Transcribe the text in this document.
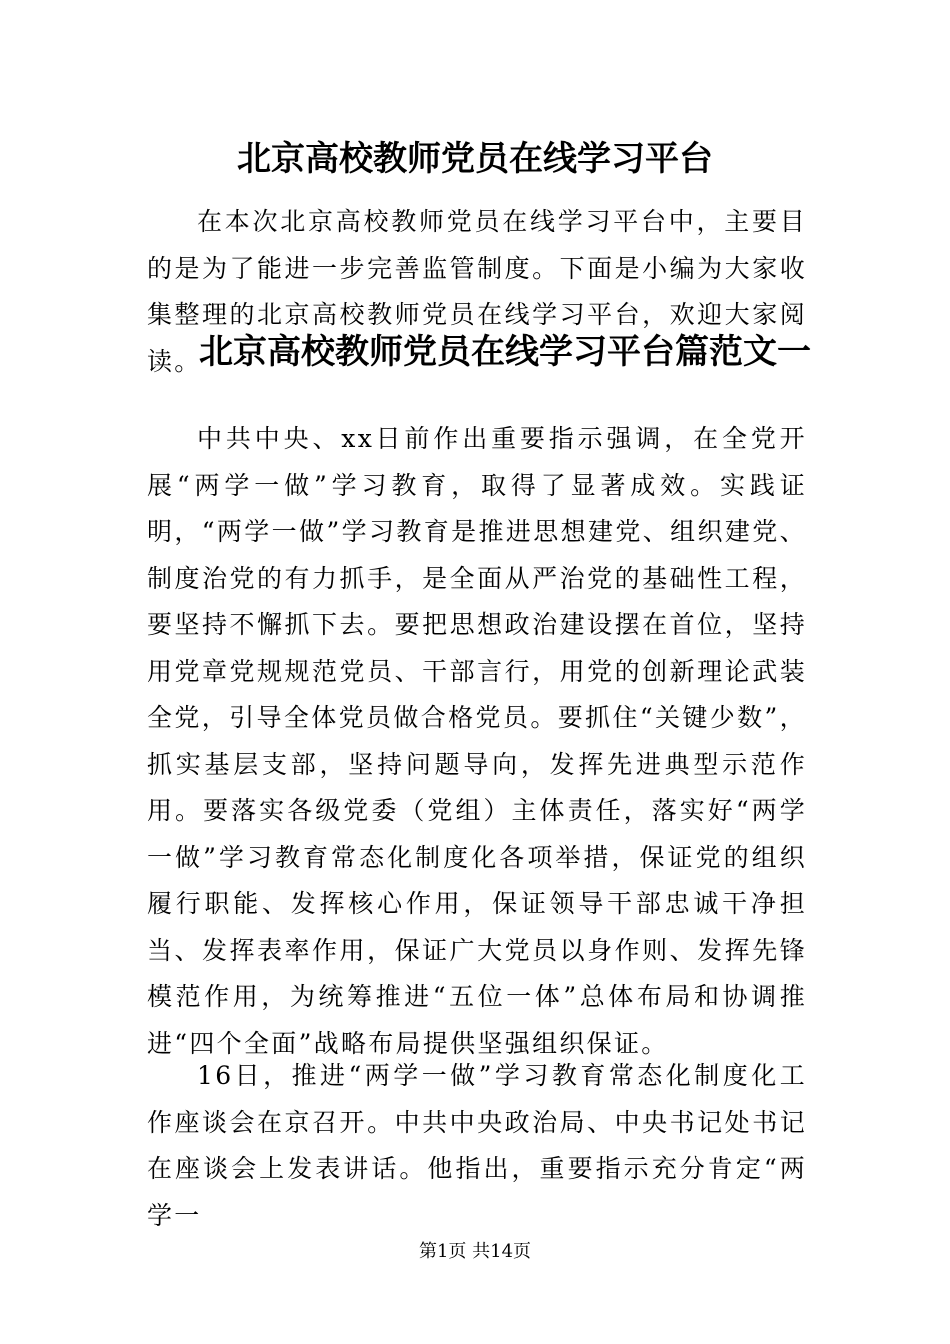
北京高校教师党员在线学习平台

在本次北京高校教师党员在线学习平台中，主要目的是为了能进一步完善监管制度。下面是小编为大家收集整理的北京高校教师党员在线学习平台，欢迎大家阅读。

北京高校教师党员在线学习平台篇范文一

中共中央、xx日前作出重要指示强调，在全党开展“两学一做”学习教育，取得了显著成效。实践证明，“两学一做”学习教育是推进思想建党、组织建党、制度治党的有力抓手，是全面从严治党的基础性工程，要坚持不懈抓下去。要把思想政治建设摆在首位，坚持用党章党规规范党员、干部言行，用党的创新理论武装全党，引导全体党员做合格党员。要抓住“关键少数”，抓实基层支部，坚持问题导向，发挥先进典型示范作用。要落实各级党委（党组）主体责任，落实好“两学一做”学习教育常态化制度化各项举措，保证党的组织履行职能、发挥核心作用，保证领导干部忠诚干净担当、发挥表率作用，保证广大党员以身作则、发挥先锋模范作用，为统筹推进“五位一体”总体布局和协调推进“四个全面”战略布局提供坚强组织保证。

16日，推进“两学一做”学习教育常态化制度化工作座谈会在京召开。中共中央政治局、中央书记处书记在座谈会上发表讲话。他指出，重要指示充分肯定“两学一

第1页 共14页
